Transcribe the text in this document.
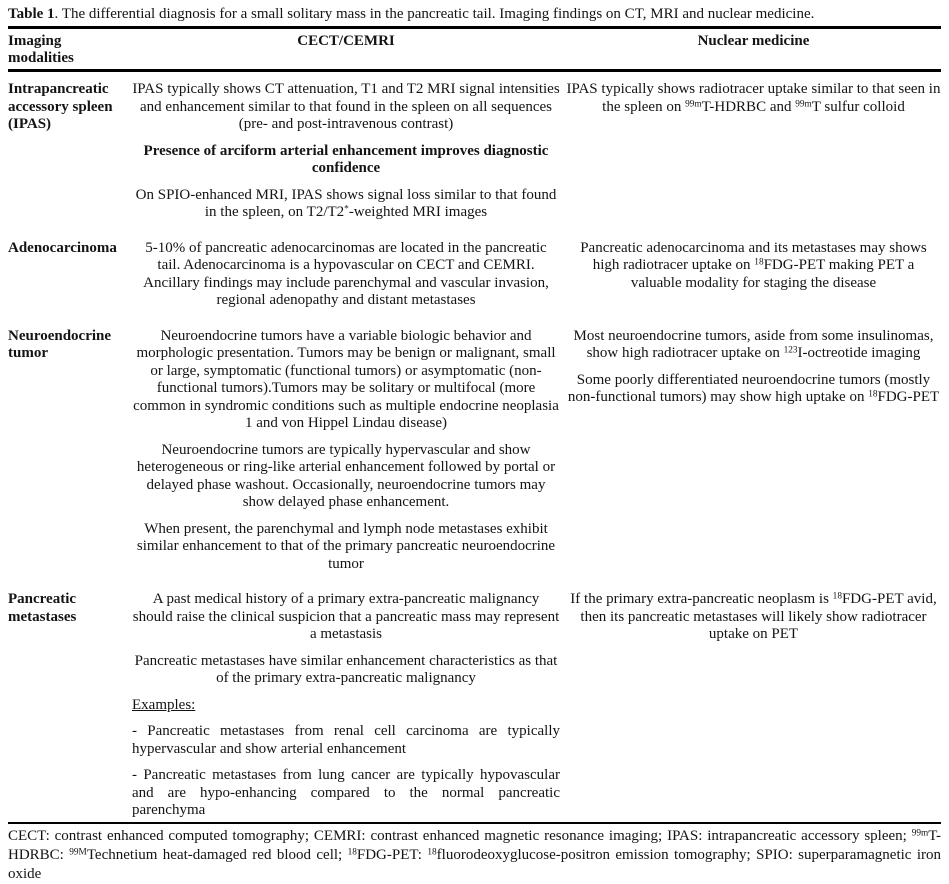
Table 1. The differential diagnosis for a small solitary mass in the pancreatic tail. Imaging findings on CT, MRI and nuclear medicine.
Imaging modalities
CECT/CEMRI	Nuclear medicine
Intrapancreatic accessory spleen (IPAS)

IPAS typically shows CT attenuation, T1 and T2 MRI signal intensities and enhancement similar to that found in the spleen on all sequences (pre- and post-intravenous contrast)

Presence of arciform arterial enhancement improves diagnostic confidence

On SPIO-enhanced MRI, IPAS shows signal loss similar to that found in the spleen, on T2/T2*-weighted MRI images

IPAS typically shows radiotracer uptake similar to that seen in the spleen on $^{99m}$T-HDRBC and $^{99m}$T sulfur colloid

Adenocarcinoma	5-10% of pancreatic adenocarcinomas are located in the pancreatic tail. Adenocarcinoma is a hypovascular on CECT and CEMRI. Ancillary findings may include parenchymal and vascular invasion, regional adenopathy and distant metastases

Pancreatic adenocarcinoma and its metastases may shows high radiotracer uptake on $^{18}$FDG-PET making PET a valuable modality for staging the disease

Neuroendocrine tumor

Neuroendocrine tumors have a variable biologic behavior and morphologic presentation. Tumors may be benign or malignant, small or large, symptomatic (functional tumors) or asymptomatic (non-functional tumors).Tumors may be solitary or multifocal (more common in syndromic conditions such as multiple endocrine neoplasia 1 and von Hippel Lindau disease)

Neuroendocrine tumors are typically hypervascular and show heterogeneous or ring-like arterial enhancement followed by portal or delayed phase washout. Occasionally, neuroendocrine tumors may show delayed phase enhancement.

When present, the parenchymal and lymph node metastases exhibit similar enhancement to that of the primary pancreatic neuroendocrine tumor

Most neuroendocrine tumors, aside from some insulinomas, show high radiotracer uptake on $^{123}$I-octreotide imaging

Some poorly differentiated neuroendocrine tumors (mostly non-functional tumors) may show high uptake on $^{18}$FDG-PET

Pancreatic metastases

A past medical history of a primary extra-pancreatic malignancy should raise the clinical suspicion that a pancreatic mass may represent a metastasis

Pancreatic metastases have similar enhancement characteristics as that of the primary extra-pancreatic malignancy

Examples:

- Pancreatic metastases from renal cell carcinoma are typically hypervascular and show arterial enhancement

- Pancreatic metastases from lung cancer are typically hypovascular and are hypo-enhancing compared to the normal pancreatic parenchyma

If the primary extra-pancreatic neoplasm is $^{18}$FDG-PET avid, then its pancreatic metastases will likely show radiotracer uptake on PET

CECT: contrast enhanced computed tomography; CEMRI: contrast enhanced magnetic resonance imaging; IPAS: intrapancreatic accessory spleen; $^{99m}$T-HDRBC: $^{99M}$Technetium heat-damaged red blood cell; $^{18}$FDG-PET: $^{18}$fluorodeoxyglucose-positron emission tomography; SPIO: superparamagnetic iron oxide
